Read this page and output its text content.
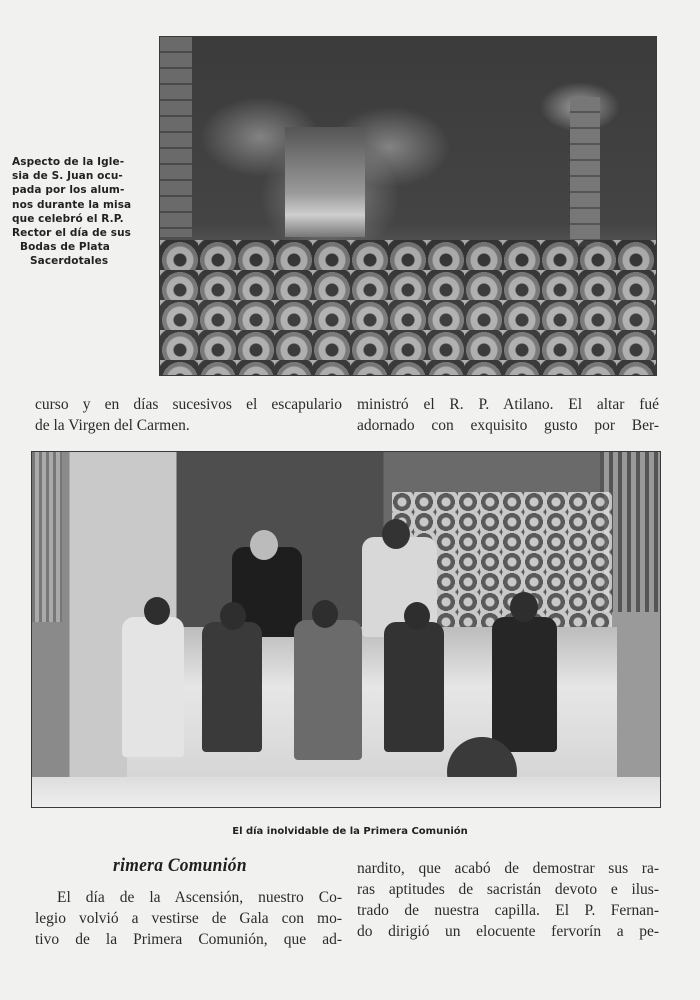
Aspecto de la Igle-
sia de S. Juan ocu-
pada por los alum-
nos durante la misa
que celebró el R.P.
Rector el día de sus
Bodas de Plata
Sacerdotales
curso y en días sucesivos el escapulario
de la Virgen del Carmen.
ministró el R. P. Atilano. El altar fué
adornado con exquisito gusto por Ber-
El día inolvidable de la Primera Comunión
rimera Comunión
El día de la Ascensión, nuestro Co-
legio volvió a vestirse de Gala con mo-
tivo de la Primera Comunión, que ad-
nardito, que acabó de demostrar sus ra-
ras aptitudes de sacristán devoto e ilus-
trado de nuestra capilla. El P. Fernan-
do dirigió un elocuente fervorín a pe-
